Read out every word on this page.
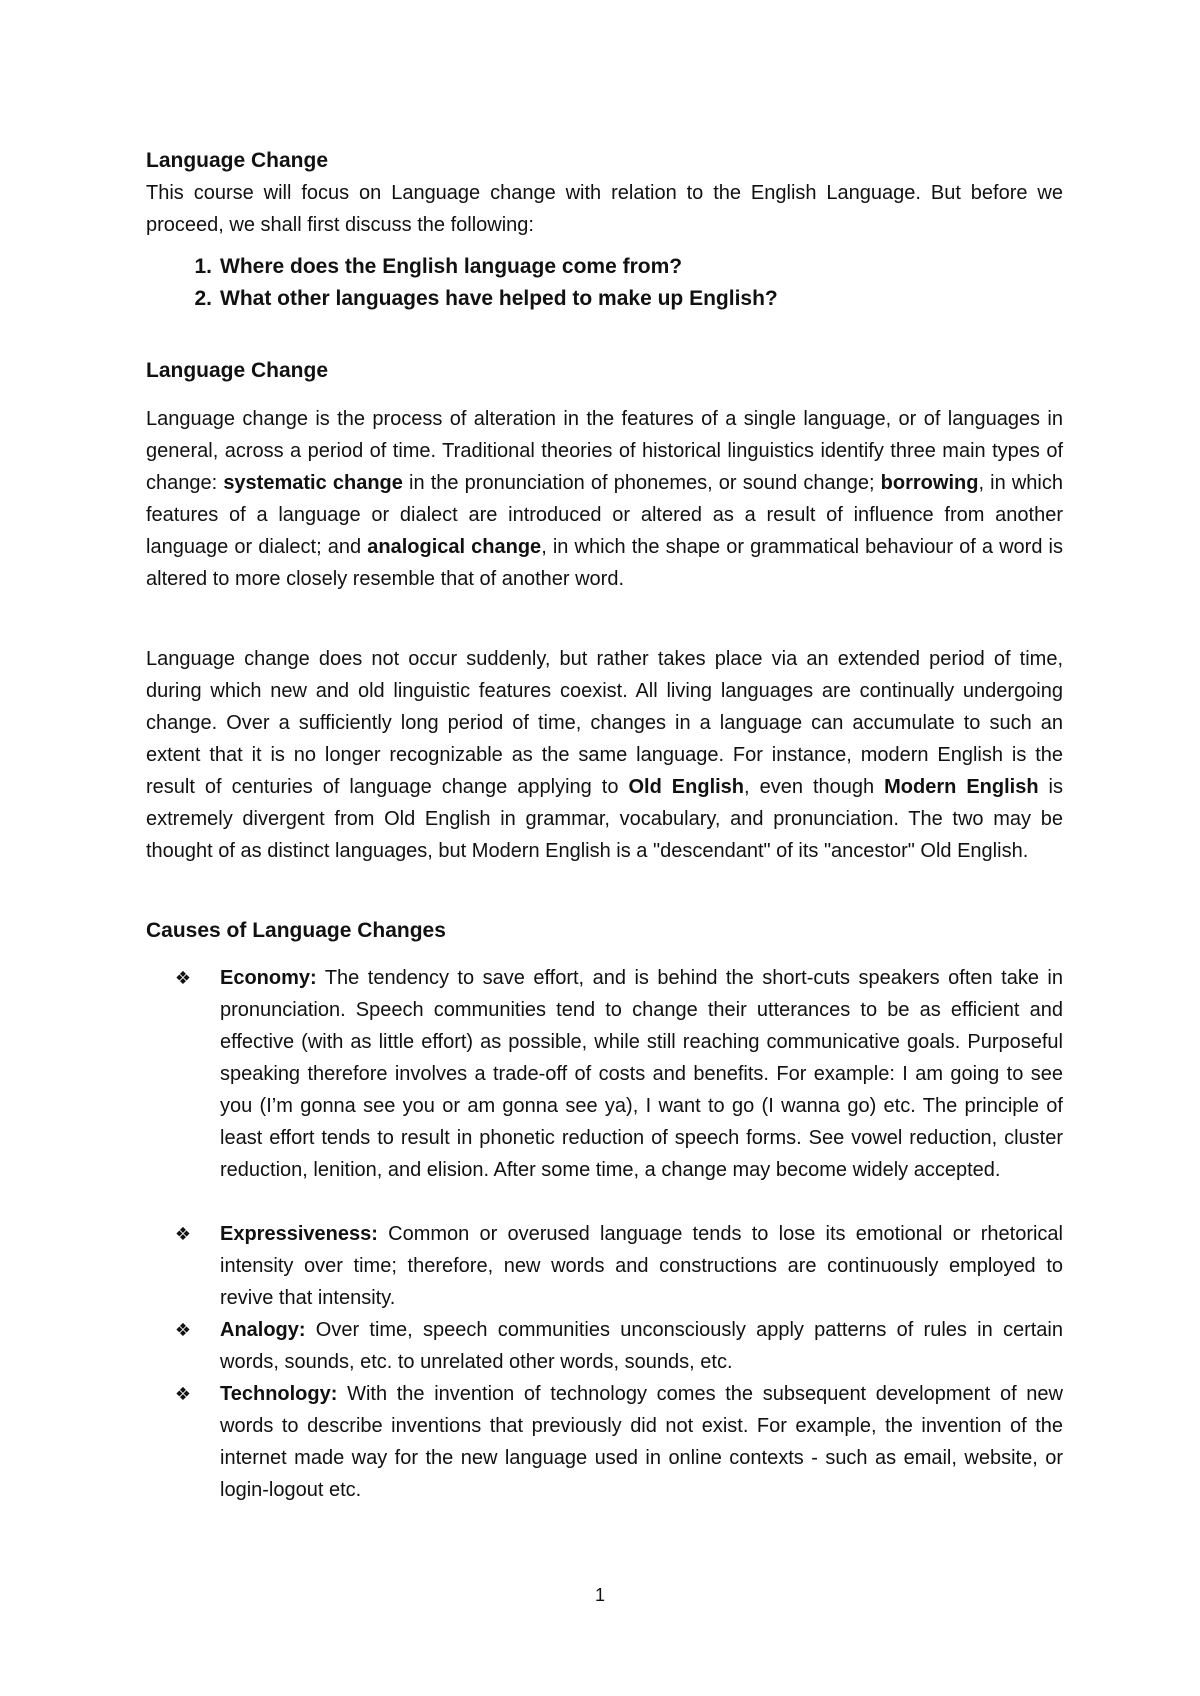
Language Change
This course will focus on Language change with relation to the English Language. But before we proceed, we shall first discuss the following:
1. Where does the English language come from?
2. What other languages have helped to make up English?
Language Change
Language change is the process of alteration in the features of a single language, or of languages in general, across a period of time. Traditional theories of historical linguistics identify three main types of change: systematic change in the pronunciation of phonemes, or sound change; borrowing, in which features of a language or dialect are introduced or altered as a result of influence from another language or dialect; and analogical change, in which the shape or grammatical behaviour of a word is altered to more closely resemble that of another word.
Language change does not occur suddenly, but rather takes place via an extended period of time, during which new and old linguistic features coexist. All living languages are continually undergoing change. Over a sufficiently long period of time, changes in a language can accumulate to such an extent that it is no longer recognizable as the same language. For instance, modern English is the result of centuries of language change applying to Old English, even though Modern English is extremely divergent from Old English in grammar, vocabulary, and pronunciation. The two may be thought of as distinct languages, but Modern English is a "descendant" of its "ancestor" Old English.
Causes of Language Changes
❖	Economy: The tendency to save effort, and is behind the short-cuts speakers often take in pronunciation. Speech communities tend to change their utterances to be as efficient and effective (with as little effort) as possible, while still reaching communicative goals. Purposeful speaking therefore involves a trade-off of costs and benefits. For example: I am going to see you (I’m gonna see you or am gonna see ya), I want to go (I wanna go) etc. The principle of least effort tends to result in phonetic reduction of speech forms. See vowel reduction, cluster reduction, lenition, and elision. After some time, a change may become widely accepted.
❖	Expressiveness: Common or overused language tends to lose its emotional or rhetorical intensity over time; therefore, new words and constructions are continuously employed to revive that intensity.
❖	Analogy: Over time, speech communities unconsciously apply patterns of rules in certain words, sounds, etc. to unrelated other words, sounds, etc.
❖	Technology: With the invention of technology comes the subsequent development of new words to describe inventions that previously did not exist. For example, the invention of the internet made way for the new language used in online contexts - such as email, website, or login-logout etc.
1
